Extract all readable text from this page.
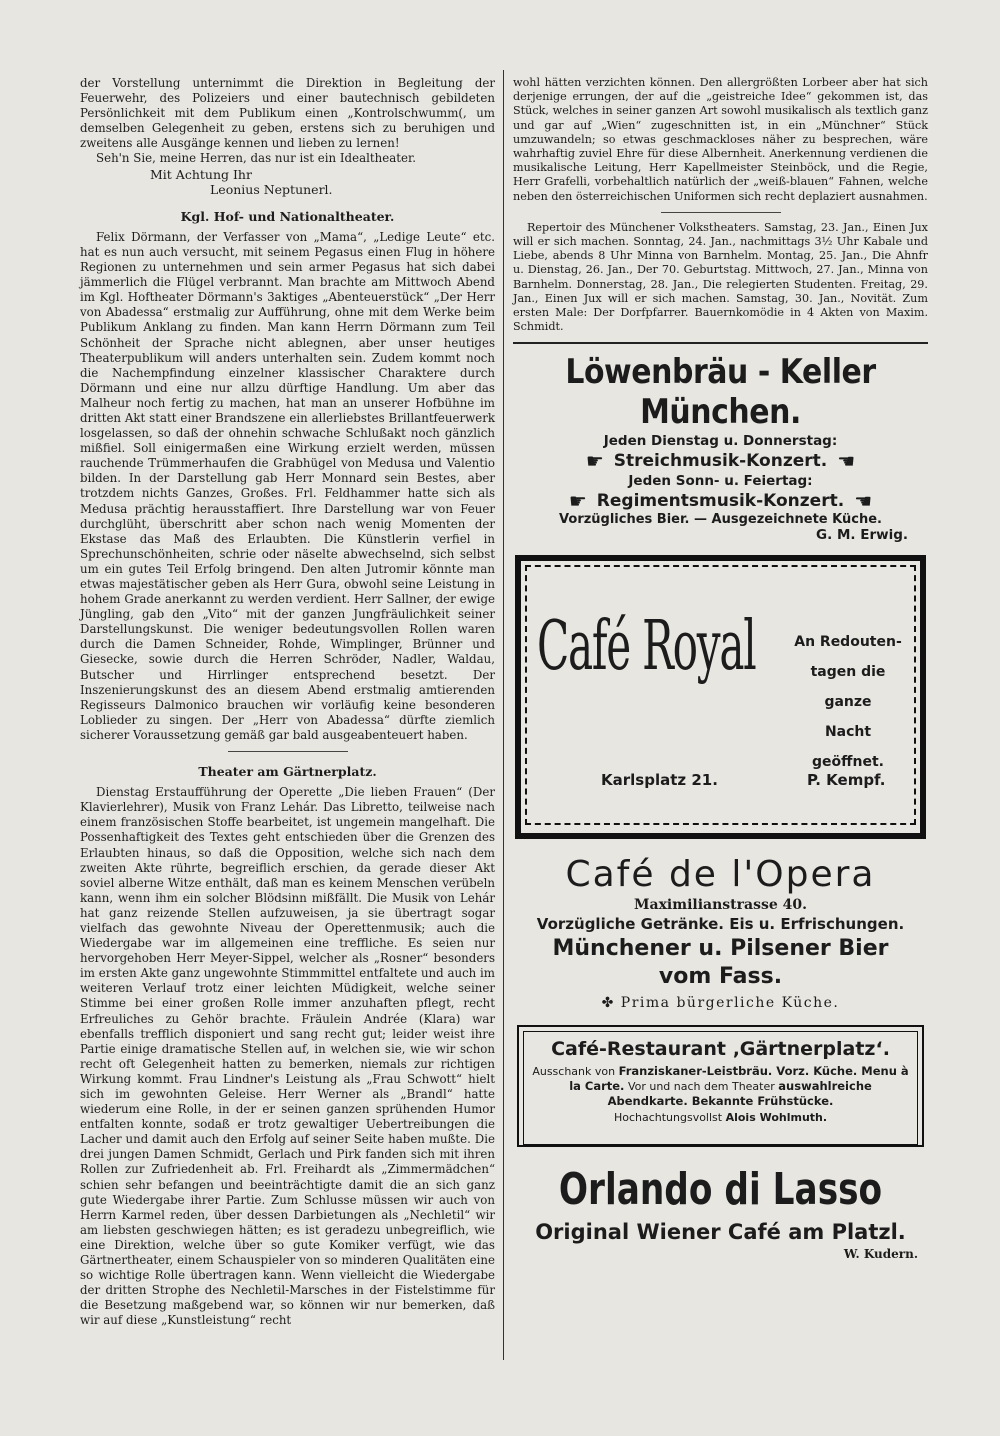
der Vorstellung unternimmt die Direktion in Begleitung der Feuerwehr, des Polizeiers und einer bautechnisch gebildeten Persönlichkeit mit dem Publikum einen „Kontrolschwumm(, um demselben Gelegenheit zu geben, erstens sich zu beruhigen und zweitens alle Ausgänge kennen und lieben zu lernen!

Seh'n Sie, meine Herren, das nur ist ein Idealtheater.

Mit Achtung Ihr

Leonius Neptunerl.

Kgl. Hof- und Nationaltheater.

Felix Dörmann, der Verfasser von „Mama“, „Ledige Leute“ etc. hat es nun auch versucht, mit seinem Pegasus einen Flug in höhere Regionen zu unternehmen und sein armer Pegasus hat sich dabei jämmerlich die Flügel verbrannt. Man brachte am Mittwoch Abend im Kgl. Hoftheater Dörmann's 3aktiges „Abenteuerstück“ „Der Herr von Abadessa“ erstmalig zur Aufführung, ohne mit dem Werke beim Publikum Anklang zu finden. Man kann Herrn Dörmann zum Teil Schönheit der Sprache nicht ablegnen, aber unser heutiges Theaterpublikum will anders unterhalten sein. Zudem kommt noch die Nachempfindung einzelner klassischer Charaktere durch Dörmann und eine nur allzu dürftige Handlung. Um aber das Malheur noch fertig zu machen, hat man an unserer Hofbühne im dritten Akt statt einer Brandszene ein allerliebstes Brillantfeuerwerk losgelassen, so daß der ohnehin schwache Schlußakt noch gänzlich mißfiel. Soll einigermaßen eine Wirkung erzielt werden, müssen rauchende Trümmerhaufen die Grabhügel von Medusa und Valentio bilden. In der Darstellung gab Herr Monnard sein Bestes, aber trotzdem nichts Ganzes, Großes. Frl. Feldhammer hatte sich als Medusa prächtig herausstaffiert. Ihre Darstellung war von Feuer durchglüht, überschritt aber schon nach wenig Momenten der Ekstase das Maß des Erlaubten. Die Künstlerin verfiel in Sprechunschönheiten, schrie oder näselte abwechselnd, sich selbst um ein gutes Teil Erfolg bringend. Den alten Jutromir könnte man etwas majestätischer geben als Herr Gura, obwohl seine Leistung in hohem Grade anerkannt zu werden verdient. Herr Sallner, der ewige Jüngling, gab den „Vito“ mit der ganzen Jungfräulichkeit seiner Darstellungskunst. Die weniger bedeutungsvollen Rollen waren durch die Damen Schneider, Rohde, Wimplinger, Brünner und Giesecke, sowie durch die Herren Schröder, Nadler, Waldau, Butscher und Hirrlinger entsprechend besetzt. Der Inszenierungskunst des an diesem Abend erstmalig amtierenden Regisseurs Dalmonico brauchen wir vorläufig keine besonderen Loblieder zu singen. Der „Herr von Abadessa“ dürfte ziemlich sicherer Voraussetzung gemäß gar bald ausgeabenteuert haben.

Theater am Gärtnerplatz.

Dienstag Erstaufführung der Operette „Die lieben Frauen“ (Der Klavierlehrer), Musik von Franz Lehár. Das Libretto, teilweise nach einem französischen Stoffe bearbeitet, ist ungemein mangelhaft. Die Possenhaftigkeit des Textes geht entschieden über die Grenzen des Erlaubten hinaus, so daß die Opposition, welche sich nach dem zweiten Akte rührte, begreiflich erschien, da gerade dieser Akt soviel alberne Witze enthält, daß man es keinem Menschen verübeln kann, wenn ihm ein solcher Blödsinn mißfällt. Die Musik von Lehár hat ganz reizende Stellen aufzuweisen, ja sie übertragt sogar vielfach das gewohnte Niveau der Operettenmusik; auch die Wiedergabe war im allgemeinen eine treffliche. Es seien nur hervorgehoben Herr Meyer-Sippel, welcher als „Rosner“ besonders im ersten Akte ganz ungewohnte Stimmmittel entfaltete und auch im weiteren Verlauf trotz einer leichten Müdigkeit, welche seiner Stimme bei einer großen Rolle immer anzuhaften pflegt, recht Erfreuliches zu Gehör brachte. Fräulein Andrée (Klara) war ebenfalls trefflich disponiert und sang recht gut; leider weist ihre Partie einige dramatische Stellen auf, in welchen sie, wie wir schon recht oft Gelegenheit hatten zu bemerken, niemals zur richtigen Wirkung kommt. Frau Lindner's Leistung als „Frau Schwott“ hielt sich im gewohnten Geleise. Herr Werner als „Brandl“ hatte wiederum eine Rolle, in der er seinen ganzen sprühenden Humor entfalten konnte, sodaß er trotz gewaltiger Uebertreibungen die Lacher und damit auch den Erfolg auf seiner Seite haben mußte. Die drei jungen Damen Schmidt, Gerlach und Pirk fanden sich mit ihren Rollen zur Zufriedenheit ab. Frl. Freihardt als „Zimmermädchen“ schien sehr befangen und beeinträchtigte damit die an sich ganz gute Wiedergabe ihrer Partie. Zum Schlusse müssen wir auch von Herrn Karmel reden, über dessen Darbietungen als „Nechletil“ wir am liebsten geschwiegen hätten; es ist geradezu unbegreiflich, wie eine Direktion, welche über so gute Komiker verfügt, wie das Gärtnertheater, einem Schauspieler von so minderen Qualitäten eine so wichtige Rolle übertragen kann. Wenn vielleicht die Wiedergabe der dritten Strophe des Nechletil-Marsches in der Fistelstimme für die Besetzung maßgebend war, so können wir nur bemerken, daß wir auf diese „Kunstleistung“ recht

wohl hätten verzichten können. Den allergrößten Lorbeer aber hat sich derjenige errungen, der auf die „geistreiche Idee“ gekommen ist, das Stück, welches in seiner ganzen Art sowohl musikalisch als textlich ganz und gar auf „Wien“ zugeschnitten ist, in ein „Münchner“ Stück umzuwandeln; so etwas geschmackloses näher zu besprechen, wäre wahrhaftig zuviel Ehre für diese Albernheit. Anerkennung verdienen die musikalische Leitung, Herr Kapellmeister Steinböck, und die Regie, Herr Grafelli, vorbehaltlich natürlich der „weiß-blauen“ Fahnen, welche neben den österreichischen Uniformen sich recht deplaziert ausnahmen.

Repertoir des Münchener Volkstheaters. Samstag, 23. Jan., Einen Jux will er sich machen. Sonntag, 24. Jan., nachmittags 3½ Uhr Kabale und Liebe, abends 8 Uhr Minna von Barnhelm. Montag, 25. Jan., Die Ahnfr u. Dienstag, 26. Jan., Der 70. Geburtstag. Mittwoch, 27. Jan., Minna von Barnhelm. Donnerstag, 28. Jan., Die relegierten Studenten. Freitag, 29. Jan., Einen Jux will er sich machen. Samstag, 30. Jan., Novität. Zum ersten Male: Der Dorfpfarrer. Bauernkomödie in 4 Akten von Maxim. Schmidt.

Löwenbräu - Keller München.
Jeden Dienstag u. Donnerstag:
☛ Streichmusik-Konzert. ☚
Jeden Sonn- u. Feiertag:
☛ Regimentsmusik-Konzert. ☚
Vorzügliches Bier. — Ausgezeichnete Küche.
G. M. Erwig.
Café Royal	An Redouten-
tagen die ganze
Nacht geöffnet.
Karlsplatz 21.	P. Kempf.
Café de l'Opera
Maximilianstrasse 40.
Vorzügliche Getränke. Eis u. Erfrischungen.
Münchener u. Pilsener Bier
vom Fass.
✤ Prima bürgerliche Küche.
Café-Restaurant ‚Gärtnerplatz‘.
Ausschank von Franziskaner-Leistbräu. Vorz. Küche. Menu à la Carte. Vor und nach dem Theater auswahlreiche Abendkarte. Bekannte Frühstücke.
Hochachtungsvollst Alois Wohlmuth.
Orlando di Lasso
Original Wiener Café am Platzl.
W. Kudern.
